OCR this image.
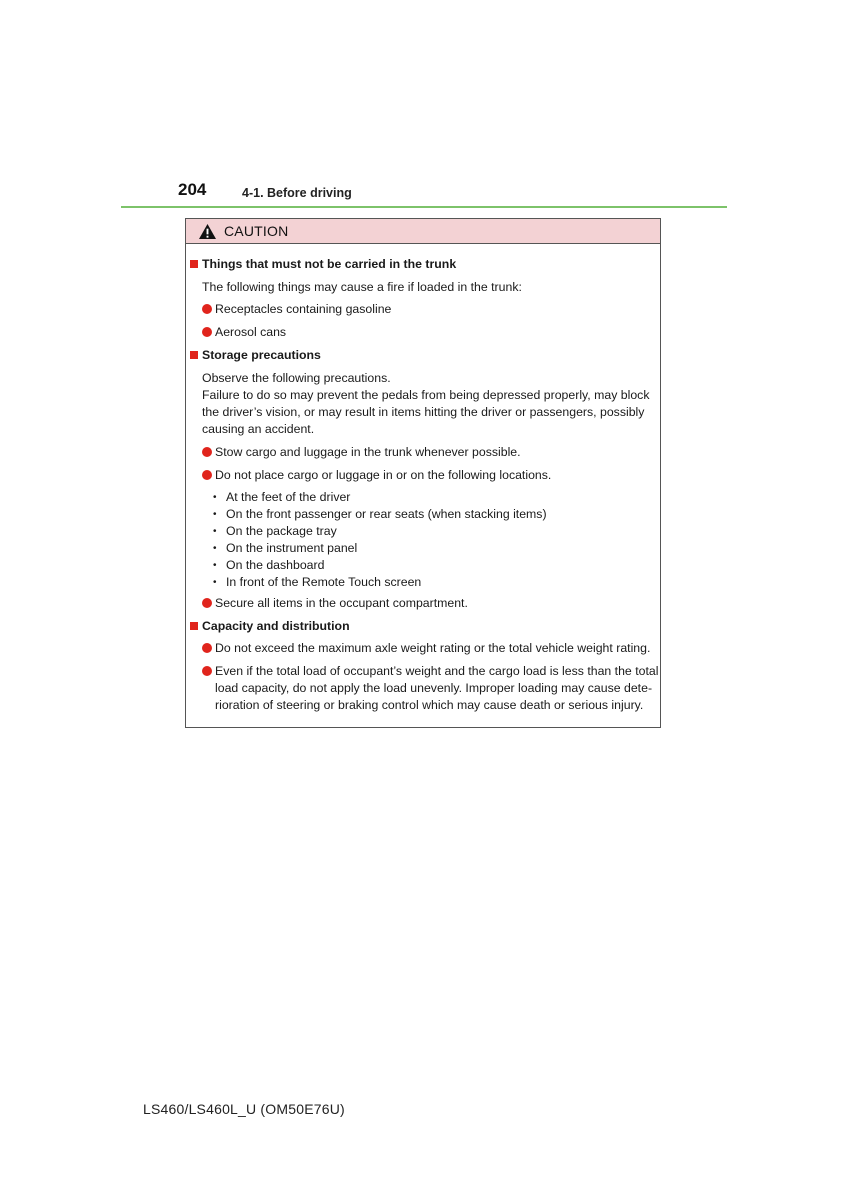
204	4-1. Before driving
CAUTION
Things that must not be carried in the trunk
The following things may cause a fire if loaded in the trunk:
Receptacles containing gasoline
Aerosol cans
Storage precautions
Observe the following precautions.
Failure to do so may prevent the pedals from being depressed properly, may block
the driver’s vision, or may result in items hitting the driver or passengers, possibly
causing an accident.
Stow cargo and luggage in the trunk whenever possible.
Do not place cargo or luggage in or on the following locations.
• At the feet of the driver
• On the front passenger or rear seats (when stacking items)
• On the package tray
• On the instrument panel
• On the dashboard
• In front of the Remote Touch screen
Secure all items in the occupant compartment.
Capacity and distribution
Do not exceed the maximum axle weight rating or the total vehicle weight rating.
Even if the total load of occupant’s weight and the cargo load is less than the total
load capacity, do not apply the load unevenly. Improper loading may cause dete-
rioration of steering or braking control which may cause death or serious injury.
LS460/LS460L_U (OM50E76U)
